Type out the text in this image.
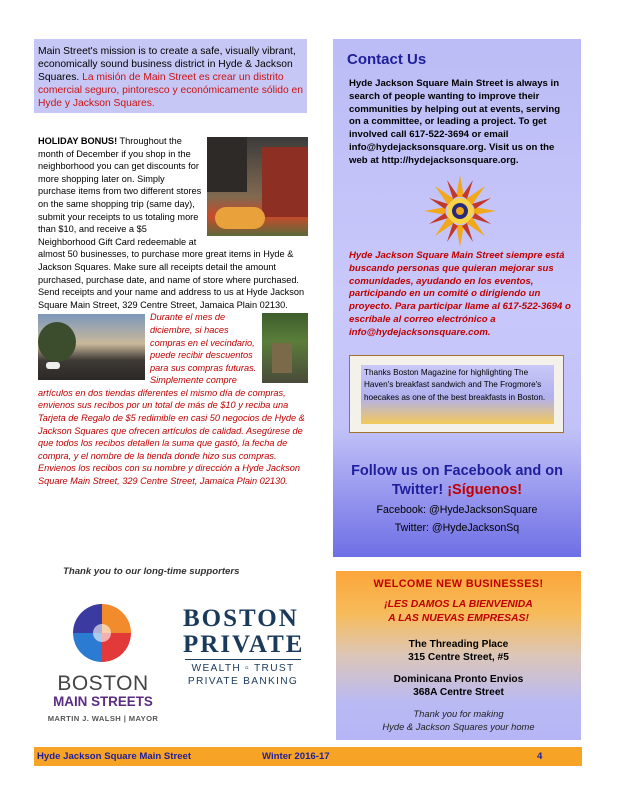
Main Street's mission is to create a safe, visually vibrant, economically sound business district in Hyde & Jackson Squares. La misión de Main Street es crear un distrito comercial seguro, pintoresco y económicamente sólido en Hyde y Jackson Squares.
HOLIDAY BONUS! Throughout the month of December if you shop in the neighborhood you can get discounts for more shopping later on. Simply purchase items from two different stores on the same shopping trip (same day), submit your receipts to us totaling more than $10, and receive a $5 Neighborhood Gift Card redeemable at almost 50 businesses, to purchase more great items in Hyde & Jackson Squares. Make sure all receipts detail the amount purchased, purchase date, and name of store where purchased. Send receipts and your name and address to us at Hyde Jackson Square Main Street, 329 Centre Street, Jamaica Plain 02130.
Durante el mes de diciembre, si haces compras en el vecindario, puede recibir descuentos para sus compras futuras. Simplemente compre artículos en dos tiendas diferentes el mismo día de compras, envienos sus recibos por un total de más de $10 y reciba una Tarjeta de Regalo de $5 redimible en casi 50 negocios de Hyde & Jackson Squares que ofrecen artículos de calidad. Asegúrese de que todos los recibos detallen la suma que gastó, la fecha de compra, y el nombre de la tienda donde hizo sus compras. Envienos los recibos con su nombre y dirección a Hyde Jackson Square Main Street, 329 Centre Street, Jamaica Plain 02130.
Contact Us
Hyde Jackson Square Main Street is always in search of people wanting to improve their communities by helping out at events, serving on a committee, or leading a project. To get involved call 617-522-3694 or email info@hydejacksonsquare.org. Visit us on the web at http://hydejacksonsquare.org.
Hyde Jackson Square Main Street siempre está buscando personas que quieran mejorar sus comunidades, ayudando en los eventos, participando en un comité o dirigiendo un proyecto. Para participar llame al 617-522-3694 o escríbale al correo electrónico a info@hydejacksonsquare.com.
Thanks Boston Magazine for highlighting The Haven's breakfast sandwich and The Frogmore's hoecakes as one of the best breakfasts in Boston.
Follow us on Facebook and on Twitter! ¡Síguenos!
Facebook: @HydeJacksonSquare
Twitter: @HydeJacksonSq
Thank you to our long-time supporters
BOSTON
MAIN STREETS
MARTIN J. WALSH | MAYOR
BOSTON
PRIVATE
WEALTH ▫ TRUST
PRIVATE BANKING
WELCOME NEW BUSINESSES!
¡LES DAMOS LA BIENVENIDA
A LAS NUEVAS EMPRESAS!
The Threading Place
315 Centre Street, #5
Dominicana Pronto Envios
368A Centre Street
Thank you for making
Hyde & Jackson Squares your home
Hyde Jackson Square Main Street	Winter 2016-17	4
